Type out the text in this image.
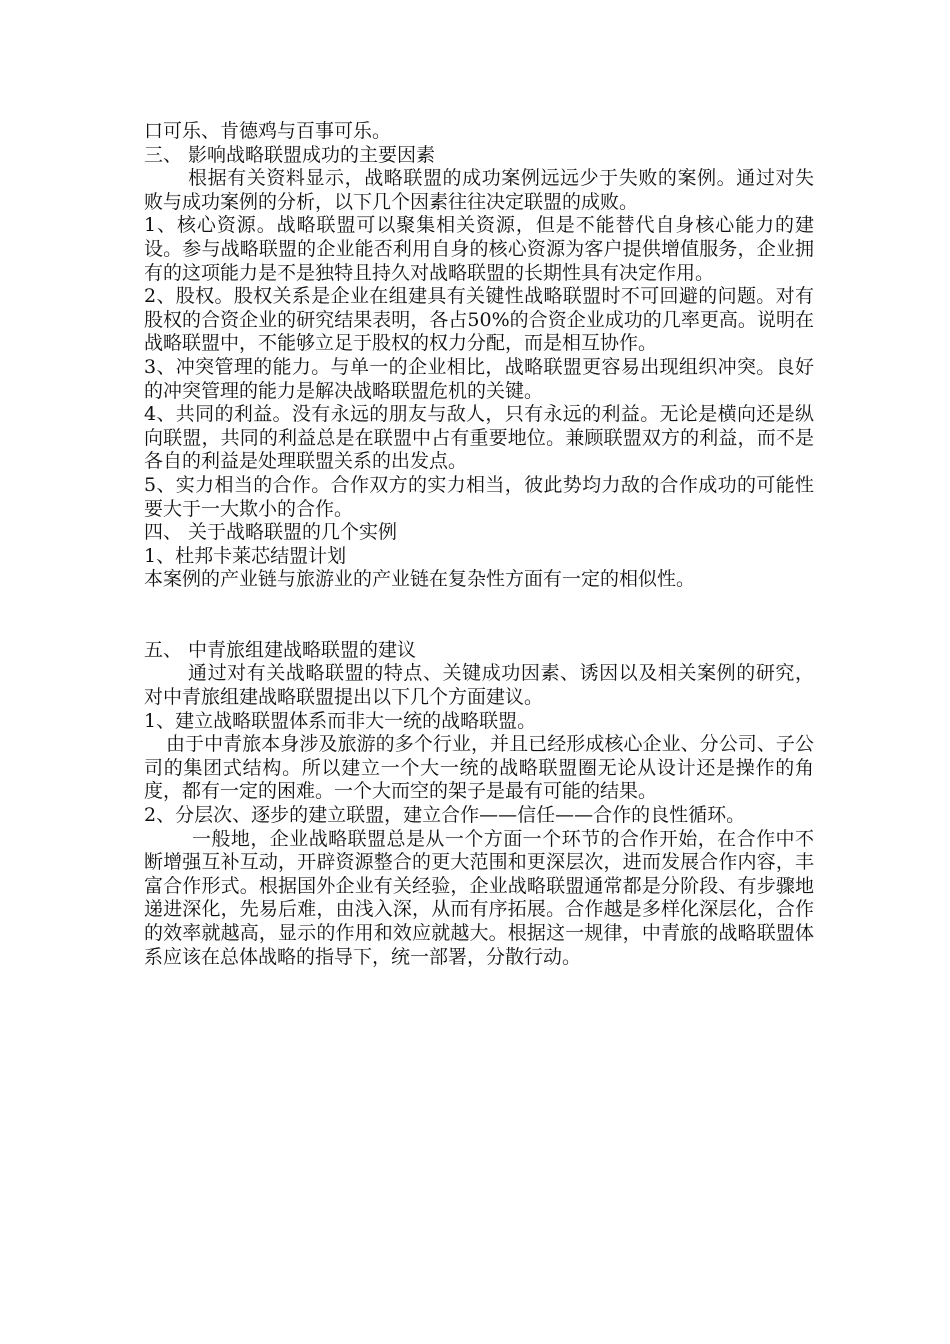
口可乐、肯德鸡与百事可乐。

三、 影响战略联盟成功的主要因素

根据有关资料显示，战略联盟的成功案例远远少于失败的案例。通过对失败与成功案例的分析，以下几个因素往往决定联盟的成败。

1、核心资源。战略联盟可以聚集相关资源，但是不能替代自身核心能力的建设。参与战略联盟的企业能否利用自身的核心资源为客户提供增值服务，企业拥有的这项能力是不是独特且持久对战略联盟的长期性具有决定作用。

2、股权。股权关系是企业在组建具有关键性战略联盟时不可回避的问题。对有股权的合资企业的研究结果表明，各占50%的合资企业成功的几率更高。说明在战略联盟中，不能够立足于股权的权力分配，而是相互协作。

3、冲突管理的能力。与单一的企业相比，战略联盟更容易出现组织冲突。良好的冲突管理的能力是解决战略联盟危机的关键。

4、共同的利益。没有永远的朋友与敌人，只有永远的利益。无论是横向还是纵向联盟，共同的利益总是在联盟中占有重要地位。兼顾联盟双方的利益，而不是各自的利益是处理联盟关系的出发点。

5、实力相当的合作。合作双方的实力相当，彼此势均力敌的合作成功的可能性要大于一大欺小的合作。

四、 关于战略联盟的几个实例

1、杜邦卡莱芯结盟计划

本案例的产业链与旅游业的产业链在复杂性方面有一定的相似性。

五、 中青旅组建战略联盟的建议

通过对有关战略联盟的特点、关键成功因素、诱因以及相关案例的研究，对中青旅组建战略联盟提出以下几个方面建议。

1、建立战略联盟体系而非大一统的战略联盟。

由于中青旅本身涉及旅游的多个行业，并且已经形成核心企业、分公司、子公司的集团式结构。所以建立一个大一统的战略联盟圈无论从设计还是操作的角度，都有一定的困难。一个大而空的架子是最有可能的结果。

2、分层次、逐步的建立联盟，建立合作——信任——合作的良性循环。

一般地，企业战略联盟总是从一个方面一个环节的合作开始，在合作中不断增强互补互动，开辟资源整合的更大范围和更深层次，进而发展合作内容，丰富合作形式。根据国外企业有关经验，企业战略联盟通常都是分阶段、有步骤地递进深化，先易后难，由浅入深，从而有序拓展。合作越是多样化深层化，合作的效率就越高，显示的作用和效应就越大。根据这一规律，中青旅的战略联盟体系应该在总体战略的指导下，统一部署，分散行动。
